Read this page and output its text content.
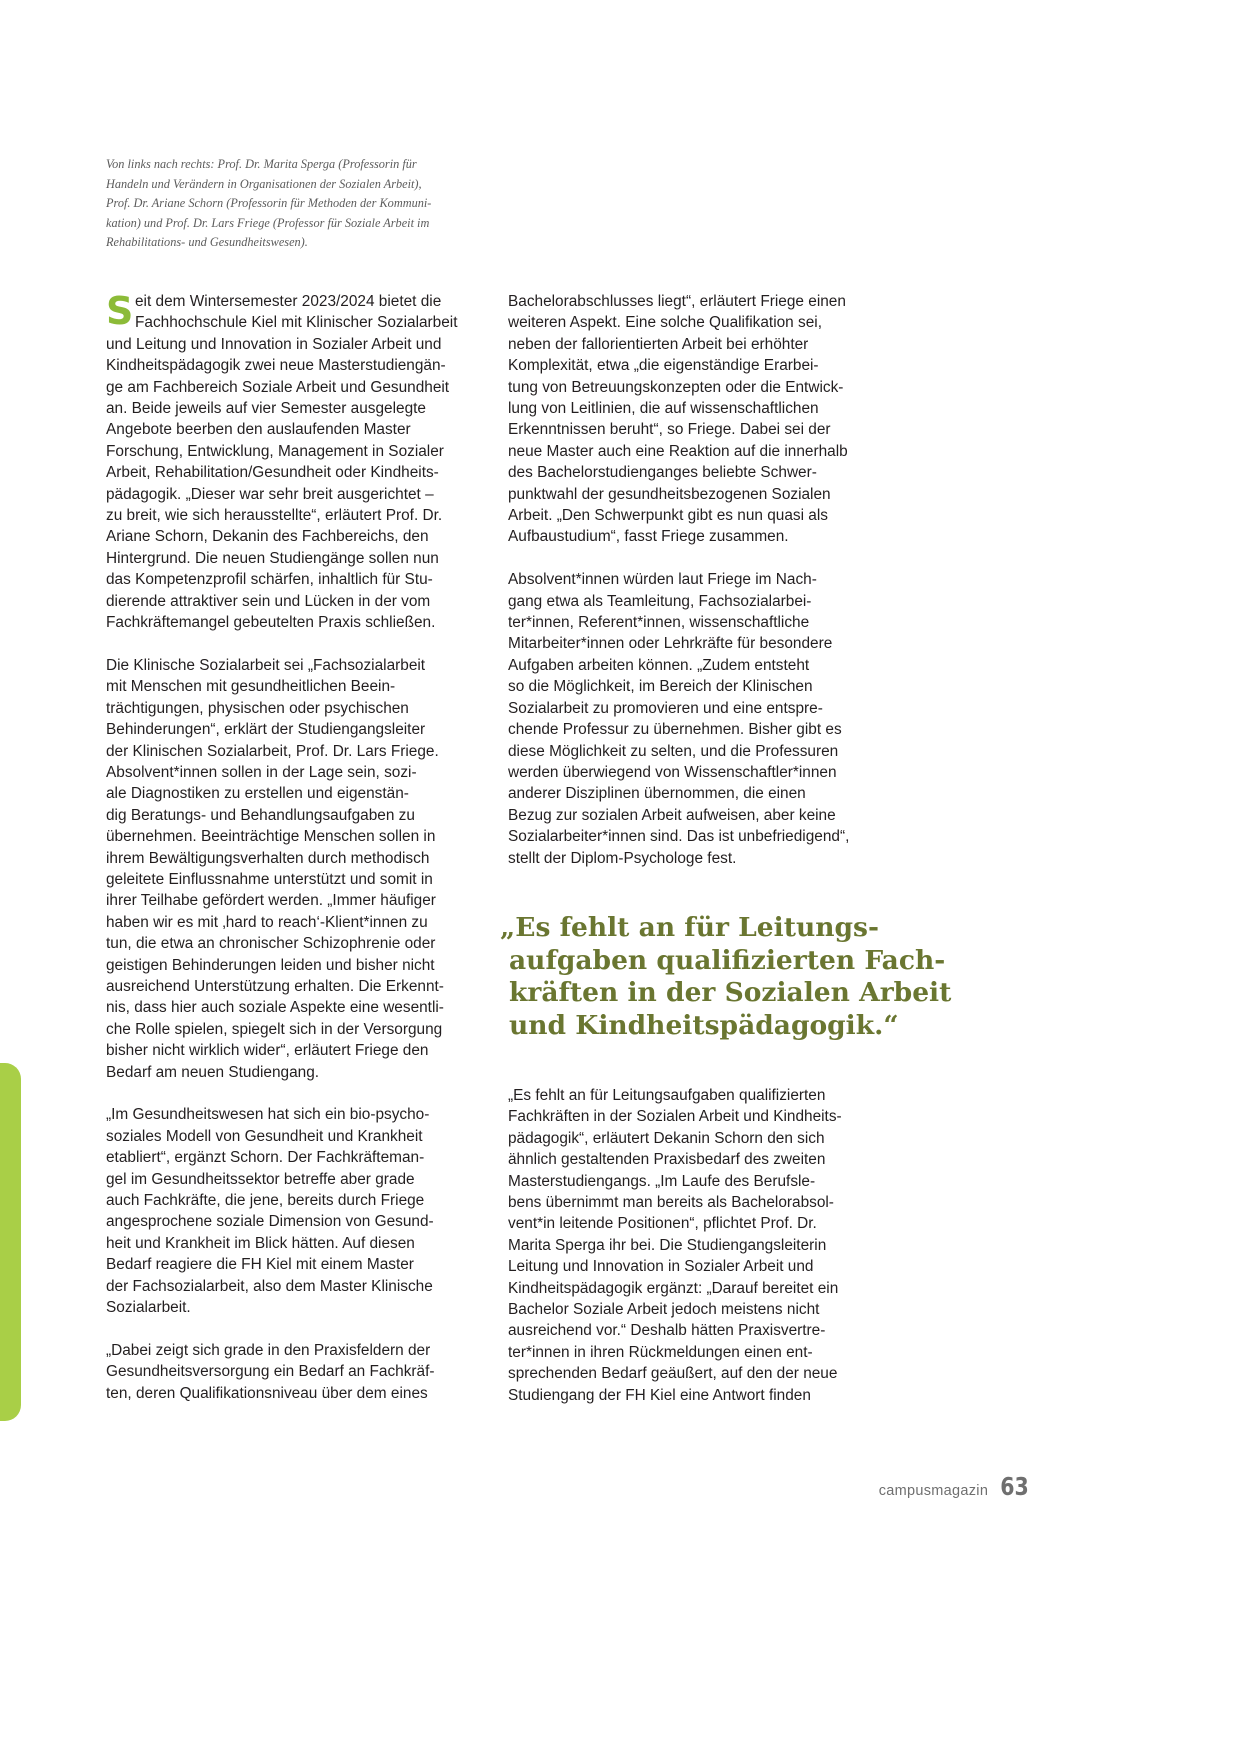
Von links nach rechts: Prof. Dr. Marita Sperga (Professorin für
Handeln und Verändern in Organisationen der Sozialen Arbeit),
Prof. Dr. Ariane Schorn (Professorin für Methoden der Kommuni-
kation) und Prof. Dr. Lars Friege (Professor für Soziale Arbeit im
Rehabilitations- und Gesundheitswesen).
S eit dem Wintersemester 2023/2024 bietet die
Fachhochschule Kiel mit Klinischer Sozialarbeit
und Leitung und Innovation in Sozialer Arbeit und
Kindheitspädagogik zwei neue Masterstudiengän-
ge am Fachbereich Soziale Arbeit und Gesundheit
an. Beide jeweils auf vier Semester ausgelegte
Angebote beerben den auslaufenden Master
Forschung, Entwicklung, Management in Sozialer
Arbeit, Rehabilitation/Gesundheit oder Kindheits-
pädagogik. „Dieser war sehr breit ausgerichtet –
zu breit, wie sich herausstellte“, erläutert Prof. Dr.
Ariane Schorn, Dekanin des Fachbereichs, den
Hintergrund. Die neuen Studiengänge sollen nun
das Kompetenzprofil schärfen, inhaltlich für Stu-
dierende attraktiver sein und Lücken in der vom
Fachkräftemangel gebeutelten Praxis schließen.
Die Klinische Sozialarbeit sei „Fachsozialarbeit
mit Menschen mit gesundheitlichen Beein-
trächtigungen, physischen oder psychischen
Behinderungen“, erklärt der Studiengangsleiter
der Klinischen Sozialarbeit, Prof. Dr. Lars Friege.
Absolvent*innen sollen in der Lage sein, sozi-
ale Diagnostiken zu erstellen und eigenstän-
dig Beratungs- und Behandlungsaufgaben zu
übernehmen. Beeinträchtige Menschen sollen in
ihrem Bewältigungsverhalten durch methodisch
geleitete Einflussnahme unterstützt und somit in
ihrer Teilhabe gefördert werden. „Immer häufiger
haben wir es mit ‚hard to reach‘-Klient*innen zu
tun, die etwa an chronischer Schizophrenie oder
geistigen Behinderungen leiden und bisher nicht
ausreichend Unterstützung erhalten. Die Erkennt-
nis, dass hier auch soziale Aspekte eine wesentli-
che Rolle spielen, spiegelt sich in der Versorgung
bisher nicht wirklich wider“, erläutert Friege den
Bedarf am neuen Studiengang.
„Im Gesundheitswesen hat sich ein bio-psycho-
soziales Modell von Gesundheit und Krankheit
etabliert“, ergänzt Schorn. Der Fachkräfteman-
gel im Gesundheitssektor betreffe aber grade
auch Fachkräfte, die jene, bereits durch Friege
angesprochene soziale Dimension von Gesund-
heit und Krankheit im Blick hätten. Auf diesen
Bedarf reagiere die FH Kiel mit einem Master
der Fachsozialarbeit, also dem Master Klinische
Sozialarbeit.
„Dabei zeigt sich grade in den Praxisfeldern der
Gesundheitsversorgung ein Bedarf an Fachkräf-
ten, deren Qualifikationsniveau über dem eines
Bachelorabschlusses liegt“, erläutert Friege einen
weiteren Aspekt. Eine solche Qualifikation sei,
neben der fallorientierten Arbeit bei erhöhter
Komplexität, etwa „die eigenständige Erarbei-
tung von Betreuungskonzepten oder die Entwick-
lung von Leitlinien, die auf wissenschaftlichen
Erkenntnissen beruht“, so Friege. Dabei sei der
neue Master auch eine Reaktion auf die innerhalb
des Bachelorstudienganges beliebte Schwer-
punktwahl der gesundheitsbezogenen Sozialen
Arbeit. „Den Schwerpunkt gibt es nun quasi als
Aufbaustudium“, fasst Friege zusammen.
Absolvent*innen würden laut Friege im Nach-
gang etwa als Teamleitung, Fachsozialarbei-
ter*innen, Referent*innen, wissenschaftliche
Mitarbeiter*innen oder Lehrkräfte für besondere
Aufgaben arbeiten können. „Zudem entsteht
so die Möglichkeit, im Bereich der Klinischen
Sozialarbeit zu promovieren und eine entspre-
chende Professur zu übernehmen. Bisher gibt es
diese Möglichkeit zu selten, und die Professuren
werden überwiegend von Wissenschaftler*innen
anderer Disziplinen übernommen, die einen
Bezug zur sozialen Arbeit aufweisen, aber keine
Sozialarbeiter*innen sind. Das ist unbefriedigend“,
stellt der Diplom-Psychologe fest.
„Es fehlt an für Leitungsaufgaben qualifizierten
Fachkräften in der Sozialen Arbeit und Kindheits-
pädagogik“, erläutert Dekanin Schorn den sich
ähnlich gestaltenden Praxisbedarf des zweiten
Masterstudiengangs. „Im Laufe des Berufsle-
bens übernimmt man bereits als Bachelorabsol-
vent*in leitende Positionen“, pflichtet Prof. Dr.
Marita Sperga ihr bei. Die Studiengangsleiterin
Leitung und Innovation in Sozialer Arbeit und
Kindheitspädagogik ergänzt: „Darauf bereitet ein
Bachelor Soziale Arbeit jedoch meistens nicht
ausreichend vor.“ Deshalb hätten Praxisvertre-
ter*innen in ihren Rückmeldungen einen ent-
sprechenden Bedarf geäußert, auf den der neue
Studiengang der FH Kiel eine Antwort finden
„Es fehlt an für Leitungs-
aufgaben qualifizierten Fach-
kräften in der Sozialen Arbeit
und Kindheitspädagogik.“
campusmagazin 63
